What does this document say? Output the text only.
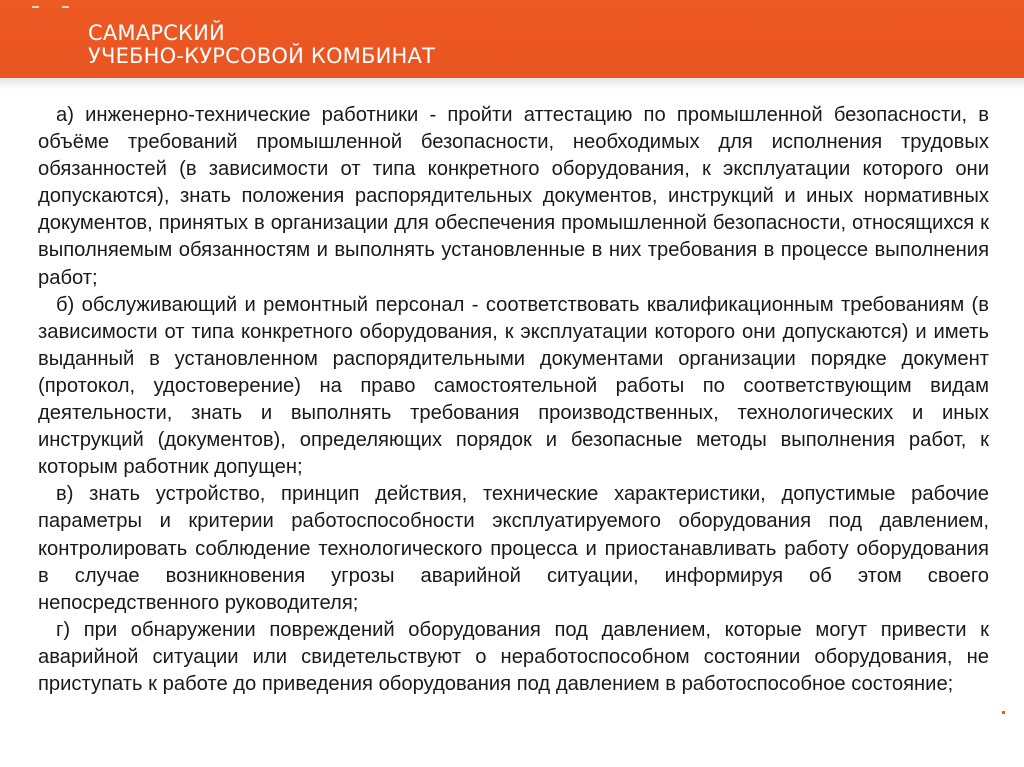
САМАРСКИЙ
УЧЕБНО-КУРСОВОЙ КОМБИНАТ

а) инженерно-технические работники - пройти аттестацию по промышленной безопасности, в объёме требований промышленной безопасности, необходимых для исполнения трудовых обязанностей (в зависимости от типа конкретного оборудования, к эксплуатации которого они допускаются), знать положения распорядительных документов, инструкций и иных нормативных документов, принятых в организации для обеспечения промышленной безопасности, относящихся к выполняемым обязанностям и выполнять установленные в них требования в процессе выполнения работ;

б) обслуживающий и ремонтный персонал - соответствовать квалификационным требованиям (в зависимости от типа конкретного оборудования, к эксплуатации которого они допускаются) и иметь выданный в установленном распорядительными документами организации порядке документ (протокол, удостоверение) на право самостоятельной работы по соответствующим видам деятельности, знать и выполнять требования производственных, технологических и иных инструкций (документов), определяющих порядок и безопасные методы выполнения работ, к которым работник допущен;

в) знать устройство, принцип действия, технические характеристики, допустимые рабочие параметры и критерии работоспособности эксплуатируемого оборудования под давлением, контролировать соблюдение технологического процесса и приостанавливать работу оборудования в случае возникновения угрозы аварийной ситуации, информируя об этом своего непосредственного руководителя;

г) при обнаружении повреждений оборудования под давлением, которые могут привести к аварийной ситуации или свидетельствуют о неработоспособном состоянии оборудования, не приступать к работе до приведения оборудования под давлением в работоспособное состояние;
